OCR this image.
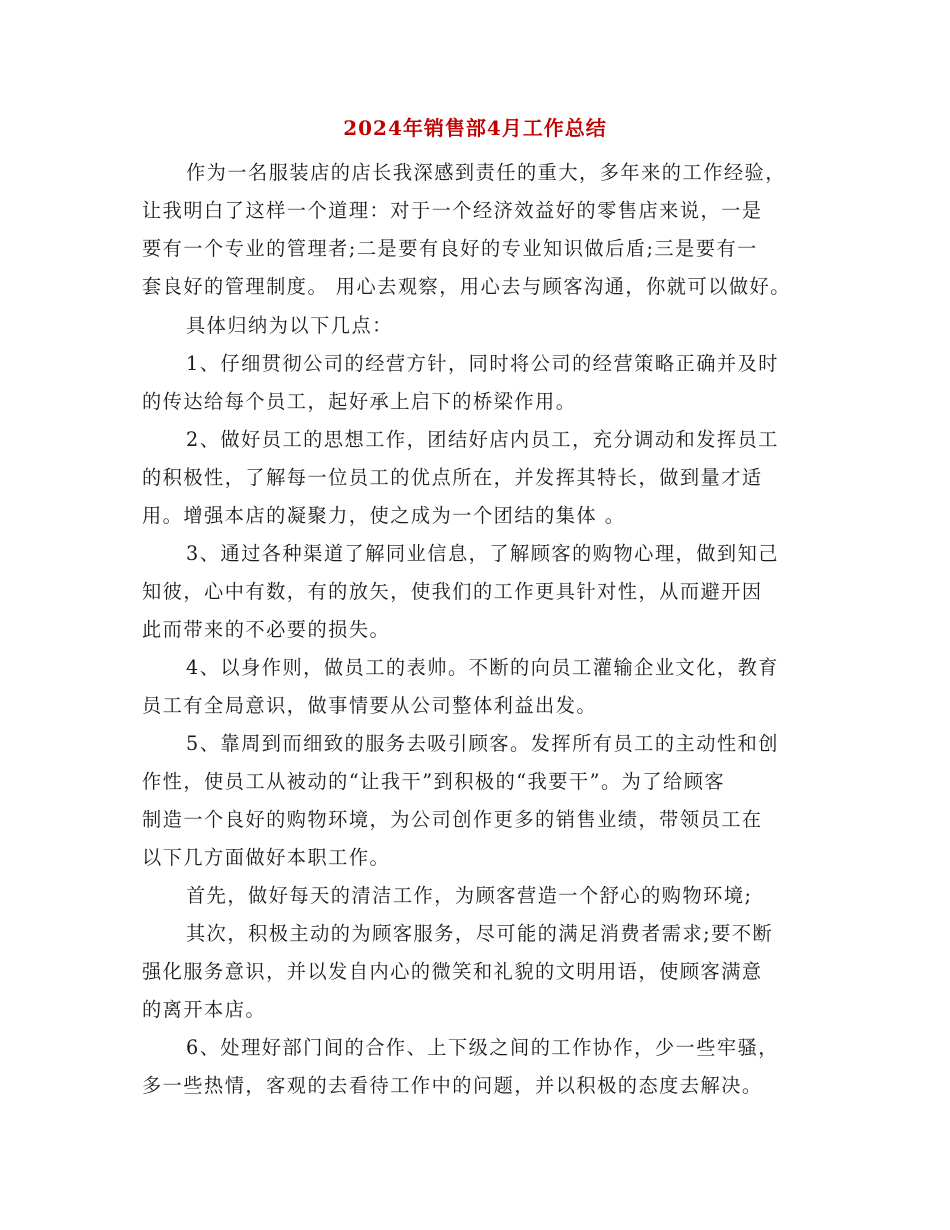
2024年销售部4月工作总结
作为一名服装店的店长我深感到责任的重大，多年来的工作经验，
让我明白了这样一个道理：对于一个经济效益好的零售店来说，一是
要有一个专业的管理者;二是要有良好的专业知识做后盾;三是要有一
套良好的管理制度。 用心去观察，用心去与顾客沟通，你就可以做好。
具体归纳为以下几点：
1、仔细贯彻公司的经营方针，同时将公司的经营策略正确并及时
的传达给每个员工，起好承上启下的桥梁作用。
2、做好员工的思想工作，团结好店内员工，充分调动和发挥员工
的积极性，了解每一位员工的优点所在，并发挥其特长，做到量才适
用。增强本店的凝聚力，使之成为一个团结的集体 。
3、通过各种渠道了解同业信息，了解顾客的购物心理，做到知己
知彼，心中有数，有的放矢，使我们的工作更具针对性，从而避开因
此而带来的不必要的损失。
4、以身作则，做员工的表帅。不断的向员工灌输企业文化，教育
员工有全局意识，做事情要从公司整体利益出发。
5、靠周到而细致的服务去吸引顾客。发挥所有员工的主动性和创
作性，使员工从被动的“让我干”到积极的“我要干”。为了给顾客
制造一个良好的购物环境，为公司创作更多的销售业绩，带领员工在
以下几方面做好本职工作。
首先，做好每天的清洁工作，为顾客营造一个舒心的购物环境;
其次，积极主动的为顾客服务，尽可能的满足消费者需求;要不断
强化服务意识，并以发自内心的微笑和礼貌的文明用语，使顾客满意
的离开本店。
6、处理好部门间的合作、上下级之间的工作协作，少一些牢骚，
多一些热情，客观的去看待工作中的问题，并以积极的态度去解决。
